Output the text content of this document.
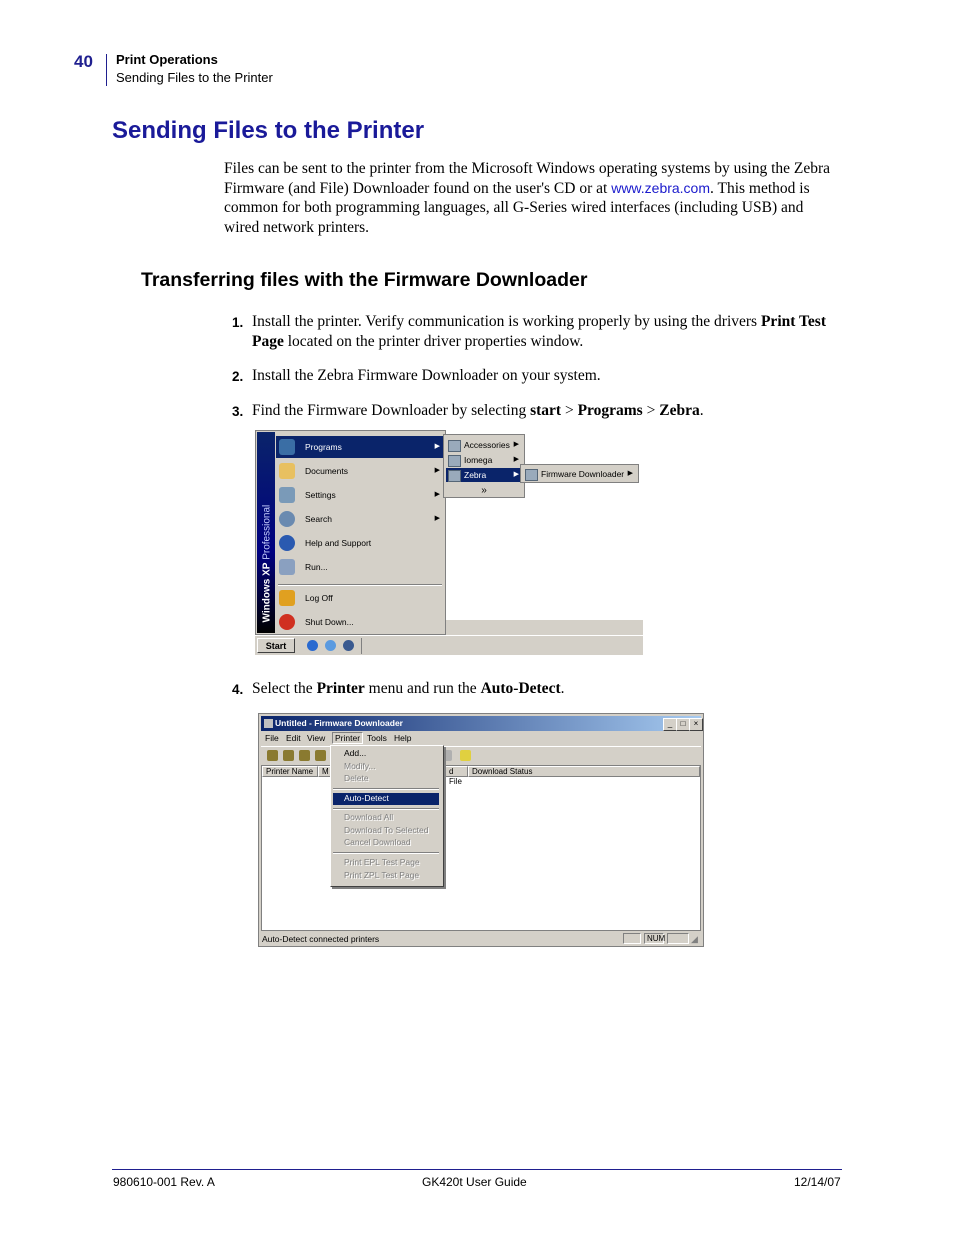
40 Print Operations
Sending Files to the Printer
Sending Files to the Printer
Files can be sent to the printer from the Microsoft Windows operating systems by using the Zebra Firmware (and File) Downloader found on the user's CD or at www.zebra.com. This method is common for both programming languages, all G-Series wired interfaces (including USB) and wired network printers.
Transferring files with the Firmware Downloader
1. Install the printer. Verify communication is working properly by using the drivers Print Test Page located on the printer driver properties window.
2. Install the Zebra Firmware Downloader on your system.
3. Find the Firmware Downloader by selecting start > Programs > Zebra.
Windows XP Professional
Programs	▶
Documents	▶
Settings	▶
Search	▶
Help and Support
Run...
Log Off
Shut Down...
Accessories ▶
Iomega	▶
Zebra	▶
»
Firmware Downloader ▶
Start
4. Select the Printer menu and run the Auto-Detect.
Untitled - Firmware Downloader	_	□	×
File Edit View	Printer Tools Help
Printer Name	M	d File
Download Status
Add...
Modify...
Delete
Auto-Detect
Download All
Download To Selected
Cancel Download
Print EPL Test Page
Print ZPL Test Page
Auto-Detect connected printers	NUM	◢
980610-001 Rev. A	GK420t User Guide	12/14/07
